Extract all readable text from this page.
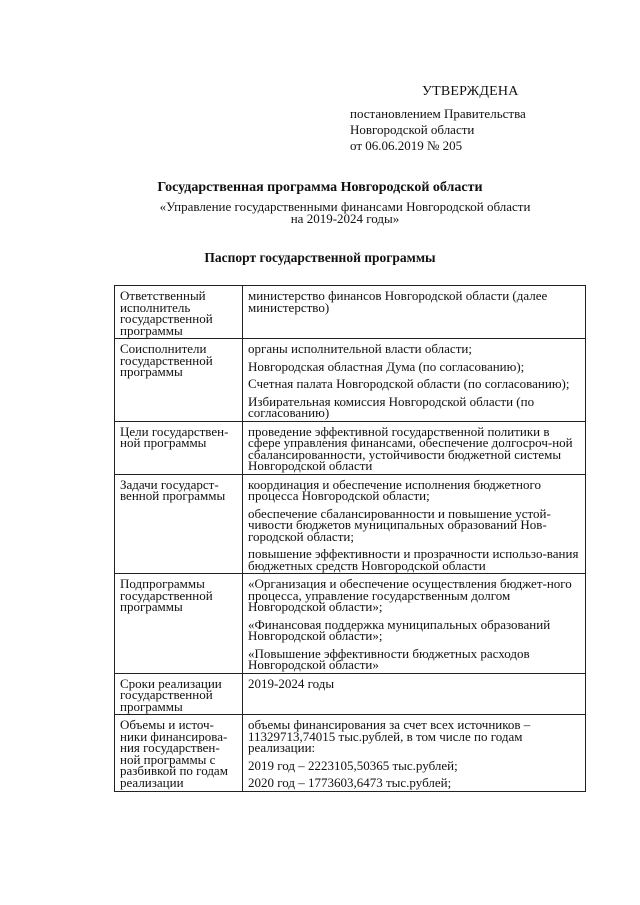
УТВЕРЖДЕНА
постановлением Правительства
Новгородской области
от 06.06.2019 № 205
Государственная программа Новгородской области
«Управление государственными финансами Новгородской области
на 2019-2024 годы»
Паспорт государственной программы
Ответственный исполнитель государственной программы	министерство финансов Новгородской области (далее министерство)

Соисполнители государственной программы	органы исполнительной власти области;
Новгородская областная Дума (по согласованию);
Счетная палата Новгородской области (по согласованию);
Избирательная комиссия Новгородской области (по согласованию)

Цели государствен-ной программы	проведение эффективной государственной политики в сфере управления финансами, обеспечение долгосроч-ной сбалансированности, устойчивости бюджетной системы Новгородской области

Задачи государст-венной программы	координация и обеспечение исполнения бюджетного процесса Новгородской области;
обеспечение сбалансированности и повышение устой-чивости бюджетов муниципальных образований Нов-городской области;
повышение эффективности и прозрачности использо-вания бюджетных средств Новгородской области

Подпрограммы государственной программы	«Организация и обеспечение осуществления бюджет-ного процесса, управление государственным долгом Новгородской области»;
«Финансовая поддержка муниципальных образований Новгородской области»;
«Повышение эффективности бюджетных расходов Новгородской области»

Сроки реализации государственной программы	2019-2024 годы

Объемы и источ-ники финансирова-ния государствен-ной программы с разбивкой по годам реализации	объемы финансирования за счет всех источников – 11329713,74015 тыс.рублей, в том числе по годам реализации:
2019 год – 2223105,50365 тыс.рублей;
2020 год – 1773603,6473 тыс.рублей;
